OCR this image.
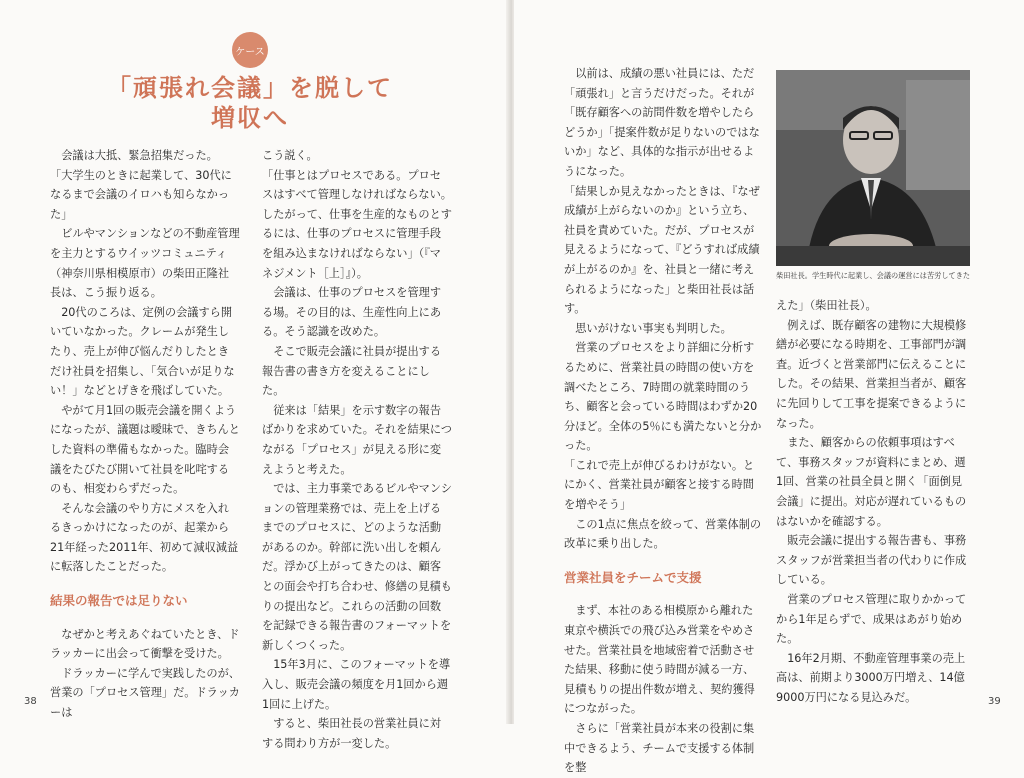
ケース
「頑張れ会議」を脱して
増収へ

会議は大抵、緊急招集だった。

「大学生のときに起業して、30代になるまで会議のイロハも知らなかった」

ビルやマンションなどの不動産管理を主力とするウイッツコミュニティ（神奈川県相模原市）の柴田正隆社長は、こう振り返る。

20代のころは、定例の会議すら開いていなかった。クレームが発生したり、売上が伸び悩んだりしたときだけ社員を招集し、「気合いが足りない！」などとげきを飛ばしていた。

やがて月1回の販売会議を開くようになったが、議題は曖昧で、きちんとした資料の準備もなかった。臨時会議をたびたび開いて社員を叱咤するのも、相変わらずだった。

そんな会議のやり方にメスを入れるきっかけになったのが、起業から21年経った2011年、初めて減収減益に転落したことだった。

結果の報告では足りない

なぜかと考えあぐねていたとき、ドラッカーに出会って衝撃を受けた。

ドラッカーに学んで実践したのが、営業の「プロセス管理」だ。ドラッカーは

こう説く。

「仕事とはプロセスである。プロセスはすべて管理しなければならない。したがって、仕事を生産的なものとするには、仕事のプロセスに管理手段を組み込まなければならない」（『マネジメント［上］』）。

会議は、仕事のプロセスを管理する場。その目的は、生産性向上にある。そう認識を改めた。

そこで販売会議に社員が提出する報告書の書き方を変えることにした。

従来は「結果」を示す数字の報告ばかりを求めていた。それを結果につながる「プロセス」が見える形に変えようと考えた。

では、主力事業であるビルやマンションの管理業務では、売上を上げるまでのプロセスに、どのような活動があるのか。幹部に洗い出しを頼んだ。浮かび上がってきたのは、顧客との面会や打ち合わせ、修繕の見積もりの提出など。これらの活動の回数を記録できる報告書のフォーマットを新しくつくった。

15年3月に、このフォーマットを導入し、販売会議の頻度を月1回から週1回に上げた。

すると、柴田社長の営業社員に対する問わり方が一変した。

38

以前は、成績の悪い社員には、ただ「頑張れ」と言うだけだった。それが「既存顧客への訪問件数を増やしたらどうか」「提案件数が足りないのではないか」など、具体的な指示が出せるようになった。

「結果しか見えなかったときは、『なぜ成績が上がらないのか』という立ち、社員を責めていた。だが、プロセスが見えるようになって、『どうすれば成績が上がるのか』を、社員と一緒に考えられるようになった」と柴田社長は話す。

思いがけない事実も判明した。

営業のプロセスをより詳細に分析するために、営業社員の時間の使い方を調べたところ、7時間の就業時間のうち、顧客と会っている時間はわずか20分ほど。全体の5％にも満たないと分かった。

「これで売上が伸びるわけがない。とにかく、営業社員が顧客と接する時間を増やそう」

この1点に焦点を絞って、営業体制の改革に乗り出した。

営業社員をチームで支援

まず、本社のある相模原から離れた東京や横浜での飛び込み営業をやめさせた。営業社員を地域密着で活動させた結果、移動に使う時間が減る一方、見積もりの提出件数が増え、契約獲得につながった。

さらに「営業社員が本来の役割に集中できるよう、チームで支援する体制を整

柴田社長。学生時代に起業し、会議の運営には苦労してきた

えた」（柴田社長）。

例えば、既存顧客の建物に大規模修繕が必要になる時期を、工事部門が調査。近づくと営業部門に伝えることにした。その結果、営業担当者が、顧客に先回りして工事を提案できるようになった。

また、顧客からの依頼事項はすべて、事務スタッフが資料にまとめ、週1回、営業の社員全員と開く「面倒見会議」に提出。対応が遅れているものはないかを確認する。

販売会議に提出する報告書も、事務スタッフが営業担当者の代わりに作成している。

営業のプロセス管理に取りかかってから1年足らずで、成果はあがり始めた。

16年2月期、不動産管理事業の売上高は、前期より3000万円増え、14億9000万円になる見込みだ。	39
